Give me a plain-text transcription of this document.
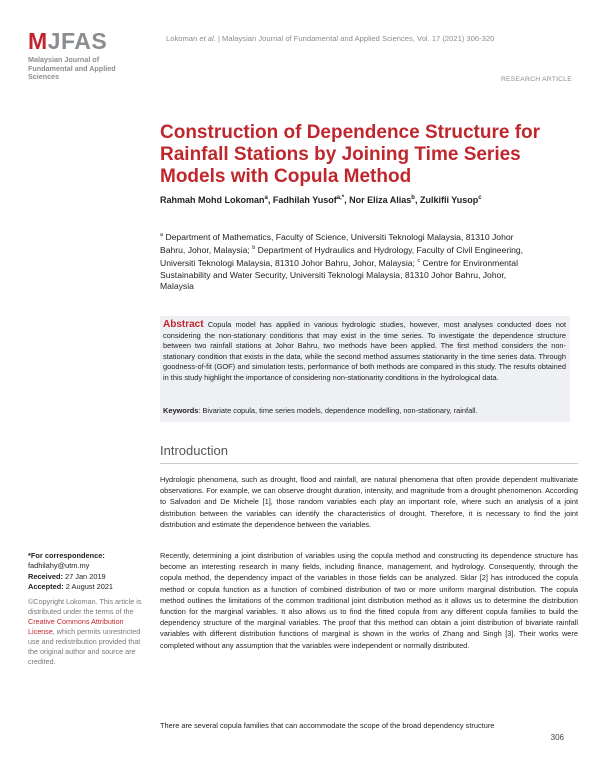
MJFAS
Malaysian Journal of Fundamental and Applied Sciences
Lokoman et al. | Malaysian Journal of Fundamental and Applied Sciences, Vol. 17 (2021) 306-320
RESEARCH ARTICLE
Construction of Dependence Structure for Rainfall Stations by Joining Time Series Models with Copula Method
Rahmah Mohd Lokoman$^a$, Fadhilah Yusof$^{a,*}$, Nor Eliza Alias$^b$, Zulkifli Yusop$^c$
$^a$ Department of Mathematics, Faculty of Science, Universiti Teknologi Malaysia, 81310 Johor Bahru, Johor, Malaysia; $^b$ Department of Hydraulics and Hydrology, Faculty of Civil Engineering, Universiti Teknologi Malaysia, 81310 Johor Bahru, Johor, Malaysia; $^c$ Centre for Environmental Sustainability and Water Security, Universiti Teknologi Malaysia, 81310 Johor Bahru, Johor, Malaysia

Abstract Copula model has applied in various hydrologic studies, however, most analyses conducted does not considering the non-stationary conditions that may exist in the time series. To investigate the dependence structure between two rainfall stations at Johor Bahru, two methods have been applied. The first method considers the non-stationary condition that exists in the data, while the second method assumes stationarity in the time series data. Through goodness-of-fit (GOF) and simulation tests, performance of both methods are compared in this study. The results obtained in this study highlight the importance of considering non-stationarity conditions in the hydrological data.

Keywords: Bivariate copula, time series models, dependence modelling, non-stationary, rainfall.

Introduction

Hydrologic phenomena, such as drought, flood and rainfall, are natural phenomena that often provide dependent multivariate observations. For example, we can observe drought duration, intensity, and magnitude from a drought phenomenon. According to Salvadori and De Michele [1], those random variables each play an important role, where such an analysis of a joint distribution between the variables can identify the characteristics of drought. Therefore, it is necessary to find the joint distribution and estimate the dependence between the variables.

Recently, determining a joint distribution of variables using the copula method and constructing its dependence structure has become an interesting research in many fields, including finance, management, and hydrology. Consequently, through the copula method, the dependency impact of the variables in those fields can be analyzed. Sklar [2] has introduced the copula method or copula function as a function of combined distribution of two or more uniform marginal distribution. The copula method outlines the limitations of the common traditional joint distribution method as it allows us to determine the distribution function for the marginal variables. It also allows us to find the fitted copula from any different copula families to build the dependency structure of the marginal variables. The proof that this method can obtain a joint distribution of bivariate rainfall variables with different distribution functions of marginal is shown in the works of Zhang and Singh [3]. Their works were completed without any assumption that the variables were independent or normally distributed.

There are several copula families that can accommodate the scope of the broad dependency structure

*For correspondence:
fadhilahy@utm.my
Received: 27 Jan 2019
Accepted: 2 August 2021
©Copyright Lokoman. This article is distributed under the terms of the Creative Commons Attribution License, which permits unrestricted use and redistribution provided that the original author and source are credited.
306
